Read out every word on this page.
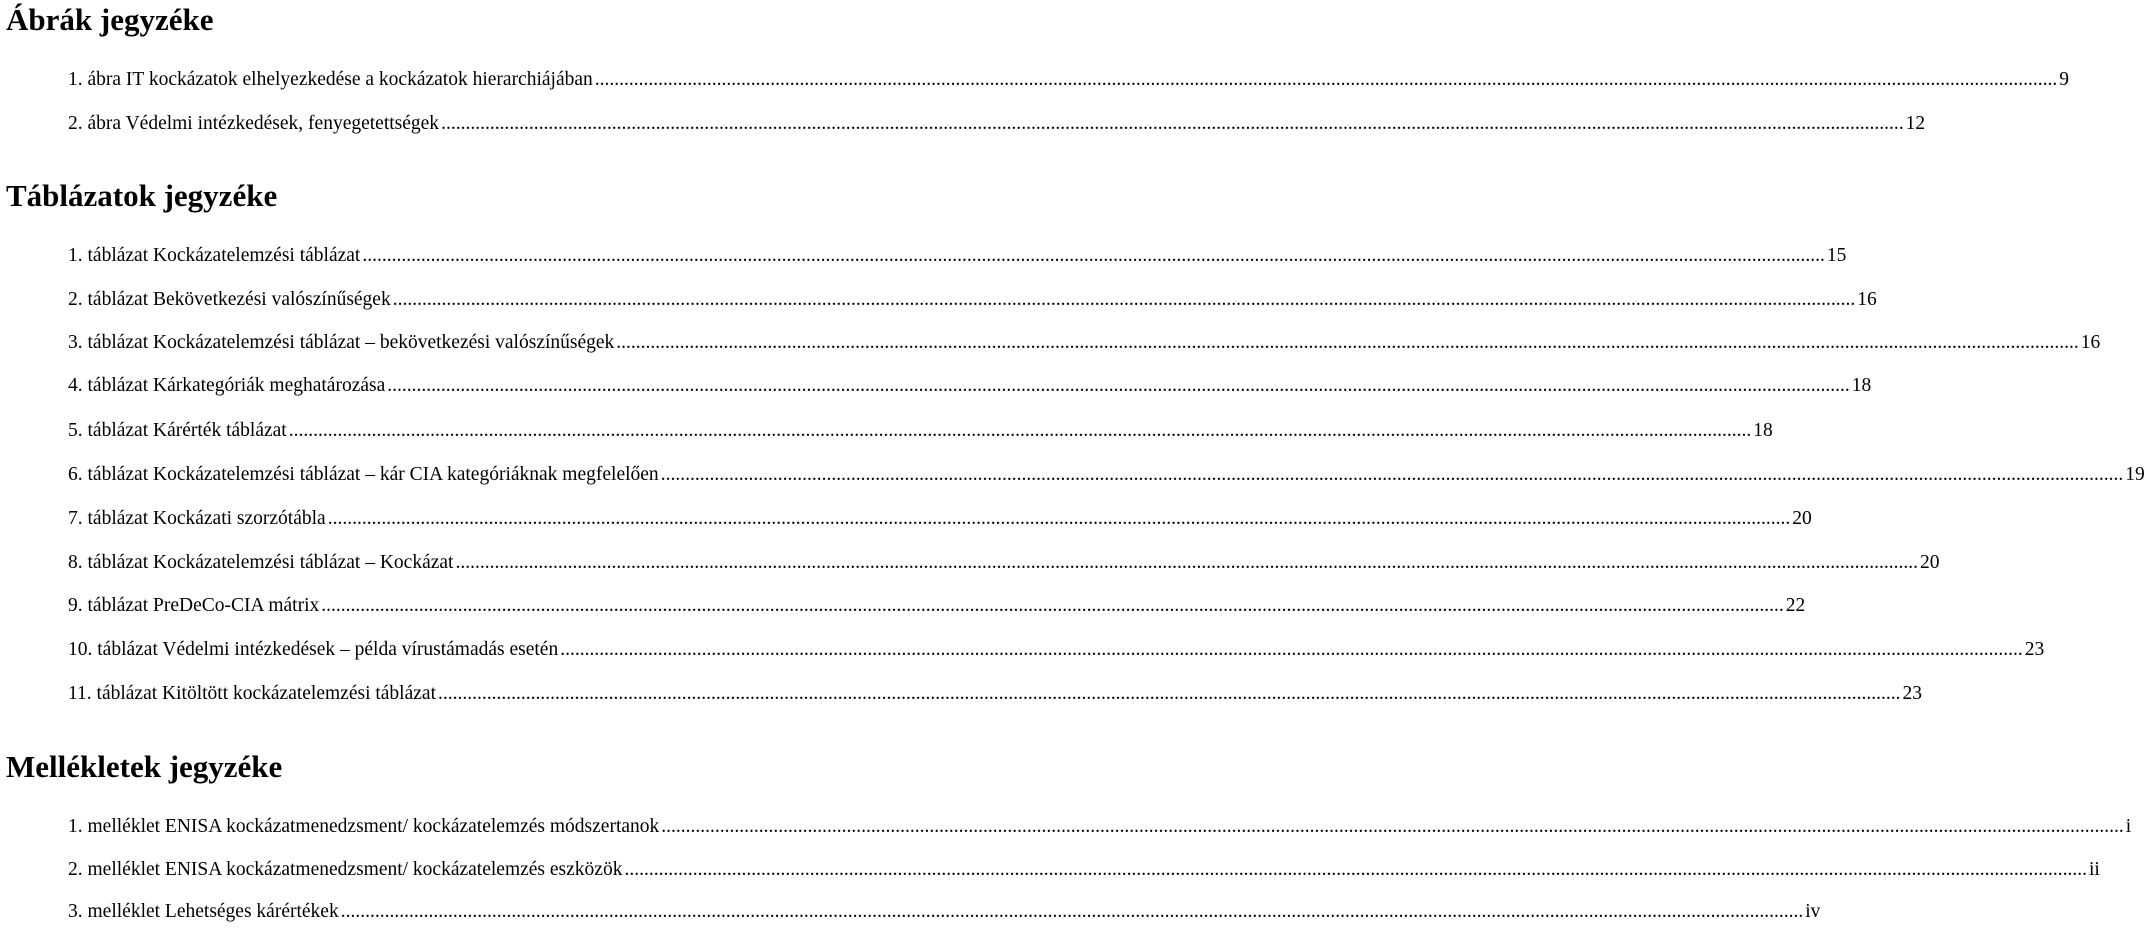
Ábrák jegyzéke
1. ábra IT kockázatok elhelyezkedése a kockázatok hierarchiájában ............................................................................................................................................................................................................................................................................................................ 9
2. ábra Védelmi intézkedések, fenyegetettségek ............................................................................................................................................................................................................................................................................................................ 12
Táblázatok jegyzéke
1. táblázat Kockázatelemzési táblázat ............................................................................................................................................................................................................................................................................................................ 15
2. táblázat Bekövetkezési valószínűségek ............................................................................................................................................................................................................................................................................................................ 16
3. táblázat Kockázatelemzési táblázat – bekövetkezési valószínűségek ............................................................................................................................................................................................................................................................................................................ 16
4. táblázat Kárkategóriák meghatározása ............................................................................................................................................................................................................................................................................................................ 18
5. táblázat Kárérték táblázat ............................................................................................................................................................................................................................................................................................................ 18
6. táblázat Kockázatelemzési táblázat – kár CIA kategóriáknak megfelelően ............................................................................................................................................................................................................................................................................................................ 19
7. táblázat Kockázati szorzótábla ............................................................................................................................................................................................................................................................................................................ 20
8. táblázat Kockázatelemzési táblázat – Kockázat ............................................................................................................................................................................................................................................................................................................ 20
9. táblázat PreDeCo-CIA mátrix ............................................................................................................................................................................................................................................................................................................ 22
10. táblázat Védelmi intézkedések – példa vírustámadás esetén ............................................................................................................................................................................................................................................................................................................ 23
11. táblázat Kitöltött kockázatelemzési táblázat ............................................................................................................................................................................................................................................................................................................ 23
Mellékletek jegyzéke
1. melléklet ENISA kockázatmenedzsment/ kockázatelemzés módszertanok ............................................................................................................................................................................................................................................................................................................ i
2. melléklet ENISA kockázatmenedzsment/ kockázatelemzés eszközök ............................................................................................................................................................................................................................................................................................................ ii
3. melléklet Lehetséges kárértékek ............................................................................................................................................................................................................................................................................................................ iv
